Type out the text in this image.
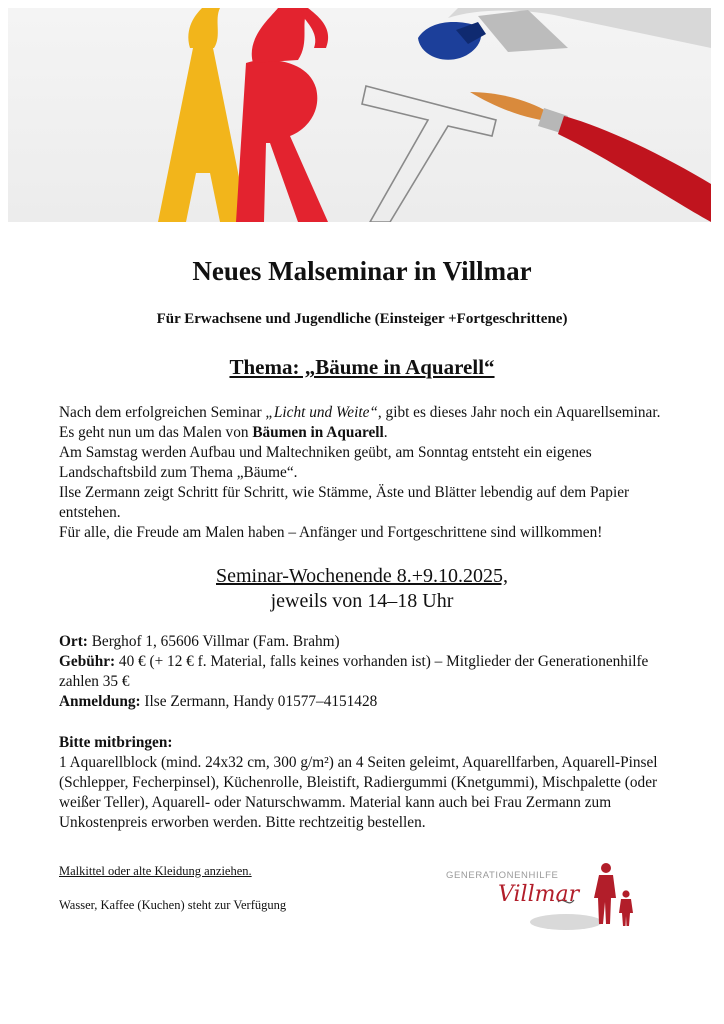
Neues Malseminar in Villmar
Für Erwachsene und Jugendliche (Einsteiger +Fortgeschrittene)
Thema: „Bäume in Aquarell“

Nach dem erfolgreichen Seminar „Licht und Weite“, gibt es dieses Jahr noch ein Aquarellseminar. Es geht nun um das Malen von Bäumen in Aquarell.

Am Samstag werden Aufbau und Maltechniken geübt, am Sonntag entsteht ein eigenes Landschaftsbild zum Thema „Bäume“.

Ilse Zermann zeigt Schritt für Schritt, wie Stämme, Äste und Blätter lebendig auf dem Papier entstehen.

Für alle, die Freude am Malen haben – Anfänger und Fortgeschrittene sind willkommen!

Seminar-Wochenende 8.+9.10.2025,
jeweils von 14–18 Uhr

Ort: Berghof 1, 65606 Villmar (Fam. Brahm)

Gebühr: 40 € (+ 12 € f. Material, falls keines vorhanden ist) – Mitglieder der Generationenhilfe zahlen 35 €

Anmeldung: Ilse Zermann, Handy 01577–4151428

Bitte mitbringen:

1 Aquarellblock (mind. 24x32 cm, 300 g/m²) an 4 Seiten geleimt, Aquarellfarben, Aquarell-Pinsel (Schlepper, Fecherpinsel), Küchenrolle, Bleistift, Radiergummi (Knetgummi), Mischpalette (oder weißer Teller), Aquarell- oder Naturschwamm. Material kann auch bei Frau Zermann zum Unkostenpreis erworben werden. Bitte rechtzeitig bestellen.

Malkittel oder alte Kleidung anziehen.
Wasser, Kaffee (Kuchen) steht zur Verfügung
GENERATIONENHILFE
Villmar
